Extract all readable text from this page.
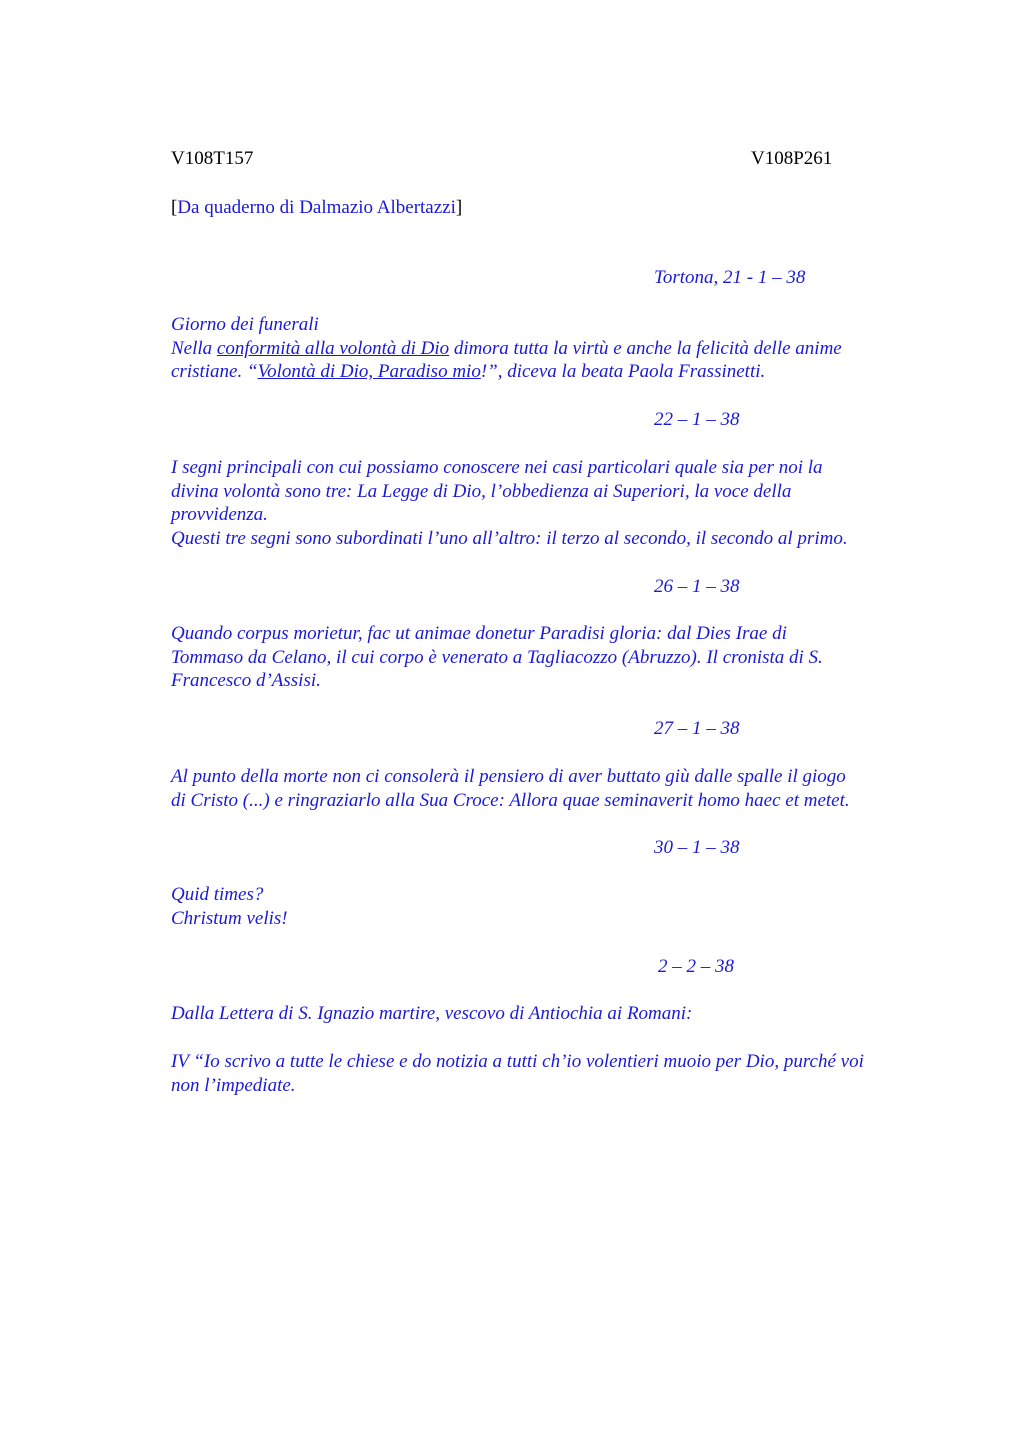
V108T157	V108P261
[Da quaderno di Dalmazio Albertazzi]
Tortona, 21 - 1 – 38
Giorno dei funerali
Nella conformità alla volontà di Dio dimora tutta la virtù e anche la felicità delle anime
cristiane. “Volontà di Dio, Paradiso mio!”, diceva la beata Paola Frassinetti.
22 – 1 – 38
I segni principali con cui possiamo conoscere nei casi particolari quale sia per noi la
divina volontà sono tre: La Legge di Dio, l’obbedienza ai Superiori, la voce della
provvidenza.
Questi tre segni sono subordinati l’uno all’altro: il terzo al secondo, il secondo al primo.
26 – 1 – 38
Quando corpus morietur, fac ut animae donetur Paradisi gloria: dal Dies Irae di
Tommaso da Celano, il cui corpo è venerato a Tagliacozzo (Abruzzo). Il cronista di S.
Francesco d’Assisi.
27 – 1 – 38
Al punto della morte non ci consolerà il pensiero di aver buttato giù dalle spalle il giogo
di Cristo (...) e ringraziarlo alla Sua Croce: Allora quae seminaverit homo haec et metet.
30 – 1 – 38
Quid times?
Christum velis!
2 – 2 – 38
Dalla Lettera di S. Ignazio martire, vescovo di Antiochia ai Romani:
IV “Io scrivo a tutte le chiese e do notizia a tutti ch’io volentieri muoio per Dio, purché voi
non l’impediate.
